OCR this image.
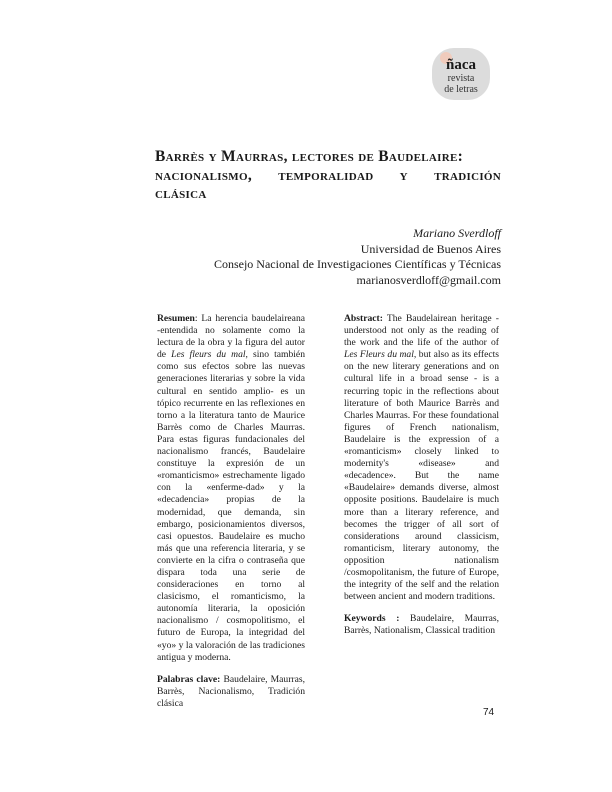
ñaca
revista
de letras
Barrès y Maurras, lectores de Baudelaire:
nacionalismo, temporalidad y tradición
clásica
Mariano Sverdloff
Universidad de Buenos Aires
Consejo Nacional de Investigaciones Científicas y Técnicas
marianosverdloff@gmail.com

Resumen: La herencia baudelaireana -entendida no solamente como la lectura de la obra y la figura del autor de Les fleurs du mal, sino también como sus efectos sobre las nuevas generaciones literarias y sobre la vida cultural en sentido amplio- es un tópico recurrente en las reflexiones en torno a la literatura tanto de Maurice Barrès como de Charles Maurras. Para estas figuras fundacionales del nacionalismo francés, Baudelaire constituye la expresión de un «romanticismo» estrechamente ligado con la «enferme-dad» y la «decadencia» propias de la modernidad, que demanda, sin embargo, posicionamientos diversos, casi opuestos. Baudelaire es mucho más que una referencia literaria, y se convierte en la cifra o contraseña que dispara toda una serie de consideraciones en torno al clasicismo, el romanticismo, la autonomía literaria, la oposición nacionalismo / cosmopolitismo, el futuro de Europa, la integridad del «yo» y la valoración de las tradiciones antigua y moderna.

Palabras clave: Baudelaire, Maurras, Barrès, Nacionalismo, Tradición clásica

Abstract: The Baudelairean heritage -understood not only as the reading of the work and the life of the author of Les Fleurs du mal, but also as its effects on the new literary generations and on cultural life in a broad sense - is a recurring topic in the reflections about literature of both Maurice Barrès and Charles Maurras. For these foundational figures of French nationalism, Baudelaire is the expression of a «romanticism» closely linked to modernity's «disease» and «decadence». But the name «Baudelaire» demands diverse, almost opposite positions. Baudelaire is much more than a literary reference, and becomes the trigger of all sort of considerations around classicism, romanticism, literary autonomy, the opposition nationalism /cosmopolitanism, the future of Europe, the integrity of the self and the relation between ancient and modern traditions.

Keywords : Baudelaire, Maurras, Barrès, Nationalism, Classical tradition

74
